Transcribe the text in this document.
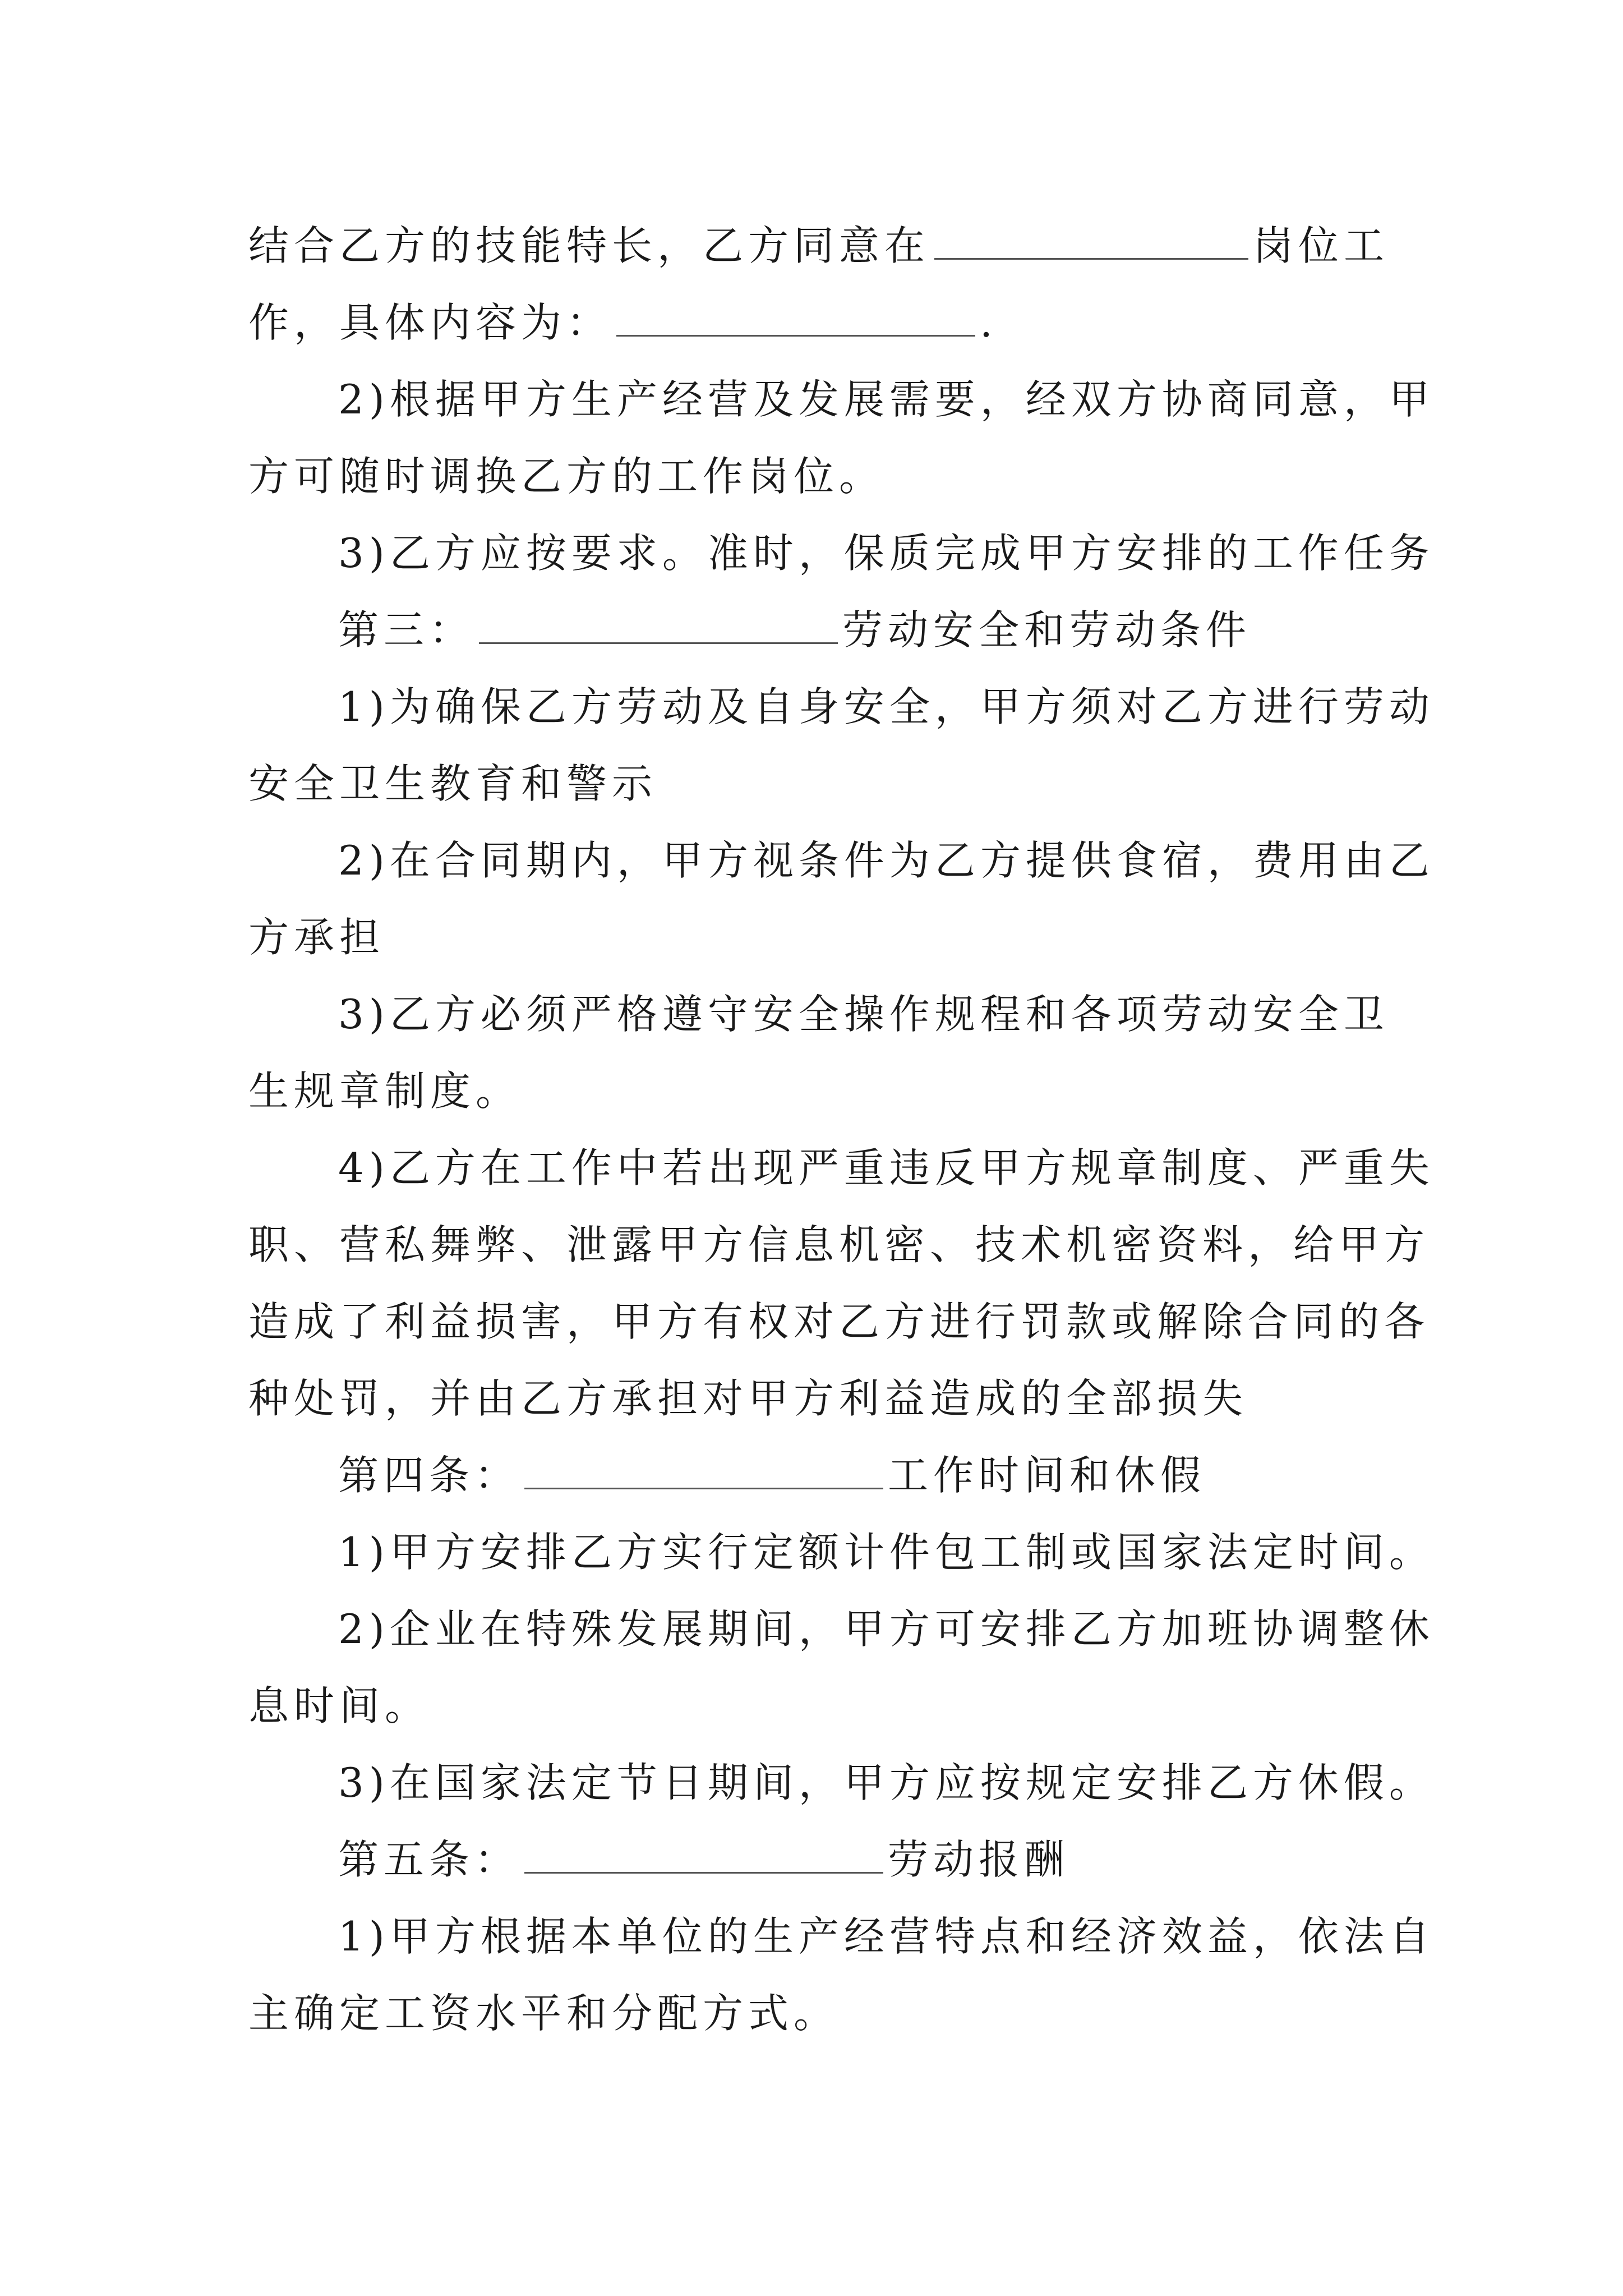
结合乙方的技能特长，乙方同意在	岗位工
作，具体内容为：	.
2)根据甲方生产经营及发展需要，经双方协商同意，甲
方可随时调换乙方的工作岗位。
3)乙方应按要求。准时，保质完成甲方安排的工作任务
第三：	劳动安全和劳动条件
1)为确保乙方劳动及自身安全，甲方须对乙方进行劳动
安全卫生教育和警示
2)在合同期内，甲方视条件为乙方提供食宿，费用由乙
方承担
3)乙方必须严格遵守安全操作规程和各项劳动安全卫
生规章制度。
4)乙方在工作中若出现严重违反甲方规章制度、严重失
职、营私舞弊、泄露甲方信息机密、技术机密资料，给甲方
造成了利益损害，甲方有权对乙方进行罚款或解除合同的各
种处罚，并由乙方承担对甲方利益造成的全部损失
第四条：	工作时间和休假
1)甲方安排乙方实行定额计件包工制或国家法定时间。
2)企业在特殊发展期间，甲方可安排乙方加班协调整休
息时间。
3)在国家法定节日期间，甲方应按规定安排乙方休假。
第五条：	劳动报酬
1)甲方根据本单位的生产经营特点和经济效益，依法自
主确定工资水平和分配方式。
